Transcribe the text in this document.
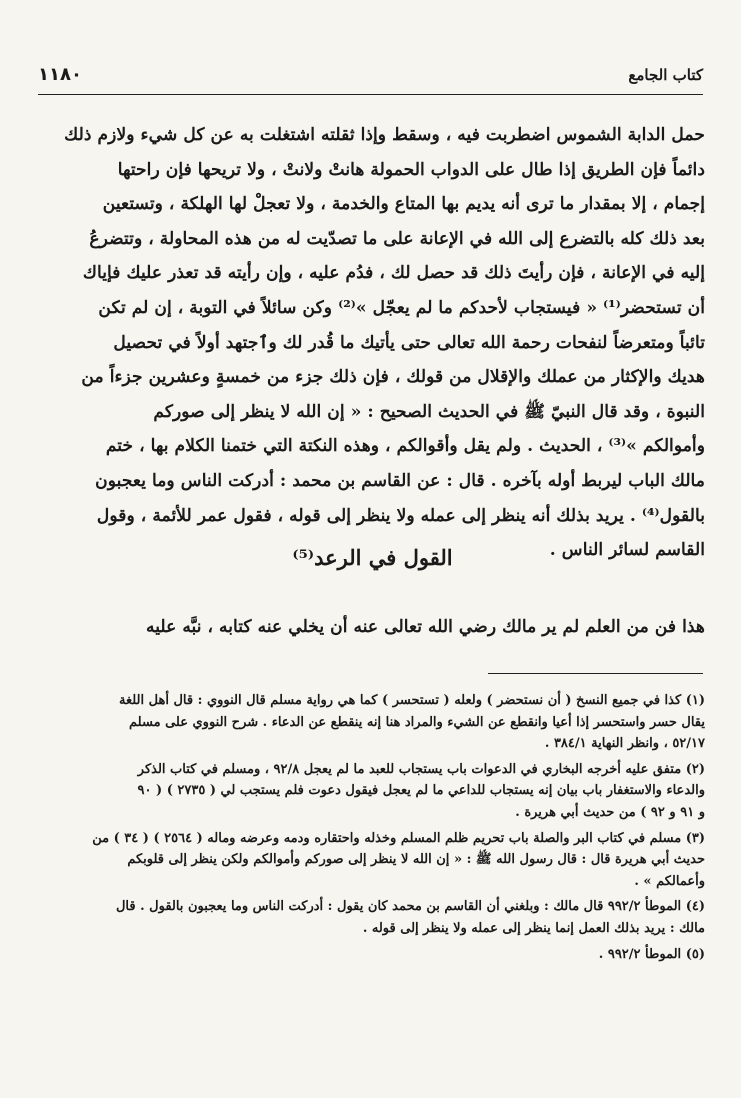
١١٨٠	كتاب الجامع
حمل الدابة الشموس اضطربت فيه ، وسقط وإذا ثقلته اشتغلت به عن كل شيء ولازم ذلك
دائماً فإن الطريق إذا طال على الدواب الحمولة هانتْ ولانتْ ، ولا تريحها فإن راحتها
إجمام ، إلا بمقدار ما ترى أنه يديم بها المتاع والخدمة ، ولا تعجلْ لها الهلكة ، وتستعين
بعد ذلك كله بالتضرع إلى الله في الإعانة على ما تصدّيت له من هذه المحاولة ، وتتضرعُ
إليه في الإعانة ، فإن رأيتَ ذلك قد حصل لك ، فدُم عليه ، وإن رأيته قد تعذر عليك فإياك
أن تستحضر⁽¹⁾ « فيستجاب لأحدكم ما لم يعجّل »⁽²⁾ وكن سائلاً في التوبة ، إن لم تكن
تائباً ومتعرضاً لنفحات رحمة الله تعالى حتى يأتيك ما قُدر لك وٱجتهد أولاً في تحصيل
هديك والإكثار من عملك والإقلال من قولك ، فإن ذلك جزء من خمسةٍ وعشرين جزءاً من
النبوة ، وقد قال النبيّ ﷺ في الحديث الصحيح : « إن الله لا ينظر إلى صوركم
وأموالكم »⁽³⁾ ، الحديث . ولم يقل وأقوالكم ، وهذه النكتة التي ختمنا الكلام بها ، ختم
مالك الباب ليربط أوله بآخره . قال : عن القاسم بن محمد : أدركت الناس وما يعجبون
بالقول⁽⁴⁾ . يريد بذلك أنه ينظر إلى عمله ولا ينظر إلى قوله ، فقول عمر للأئمة ، وقول
القاسم لسائر الناس .
القول في الرعد⁽⁵⁾
هذا فن من العلم لم ير مالك رضي الله تعالى عنه أن يخلي عنه كتابه ، نبَّه عليه
(١) كذا في جميع النسخ ( أن نستحضر ) ولعله ( تستحسر ) كما هي رواية مسلم قال النووي : قال أهل اللغة
يقال حسر واستحسر إذا أعيا وانقطع عن الشيء والمراد هنا إنه ينقطع عن الدعاء . شرح النووي على مسلم
٥٢/١٧ ، وانظر النهاية ٣٨٤/١ .
(٢) متفق عليه أخرجه البخاري في الدعوات باب يستجاب للعبد ما لم يعجل ٩٢/٨ ، ومسلم في كتاب الذكر
والدعاء والاستغفار باب بيان إنه يستجاب للداعي ما لم يعجل فيقول دعوت فلم يستجب لي ( ٢٧٣٥ ) ( ٩٠
و ٩١ و ٩٢ ) من حديث أبي هريرة .
(٣) مسلم في كتاب البر والصلة باب تحريم ظلم المسلم وخذله واحتقاره ودمه وعرضه وماله ( ٢٥٦٤ ) ( ٣٤ ) من
حديث أبي هريرة قال : قال رسول الله ﷺ : « إن الله لا ينظر إلى صوركم وأموالكم ولكن ينظر إلى قلوبكم
وأعمالكم » .
(٤) الموطأ ٩٩٢/٢ قال مالك : وبلغني أن القاسم بن محمد كان يقول : أدركت الناس وما يعجبون بالقول . قال
مالك : يريد بذلك العمل إنما ينظر إلى عمله ولا ينظر إلى قوله .
(٥) الموطأ ٩٩٢/٢ .
